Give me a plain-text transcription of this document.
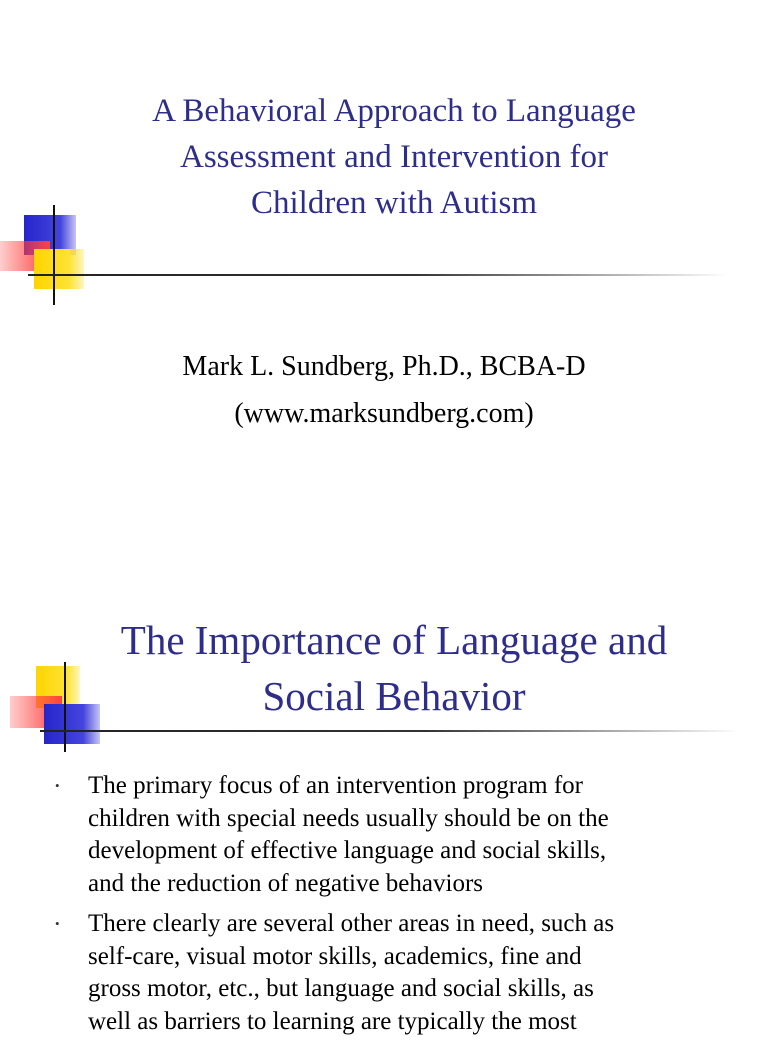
A Behavioral Approach to Language
Assessment and Intervention for
Children with Autism
Mark L. Sundberg, Ph.D., BCBA-D
(www.marksundberg.com)
The Importance of Language and
Social Behavior
• The primary focus of an intervention program for
children with special needs usually should be on the
development of effective language and social skills,
and the reduction of negative behaviors
• There clearly are several other areas in need, such as
self-care, visual motor skills, academics, fine and
gross motor, etc., but language and social skills, as
well as barriers to learning are typically the most
